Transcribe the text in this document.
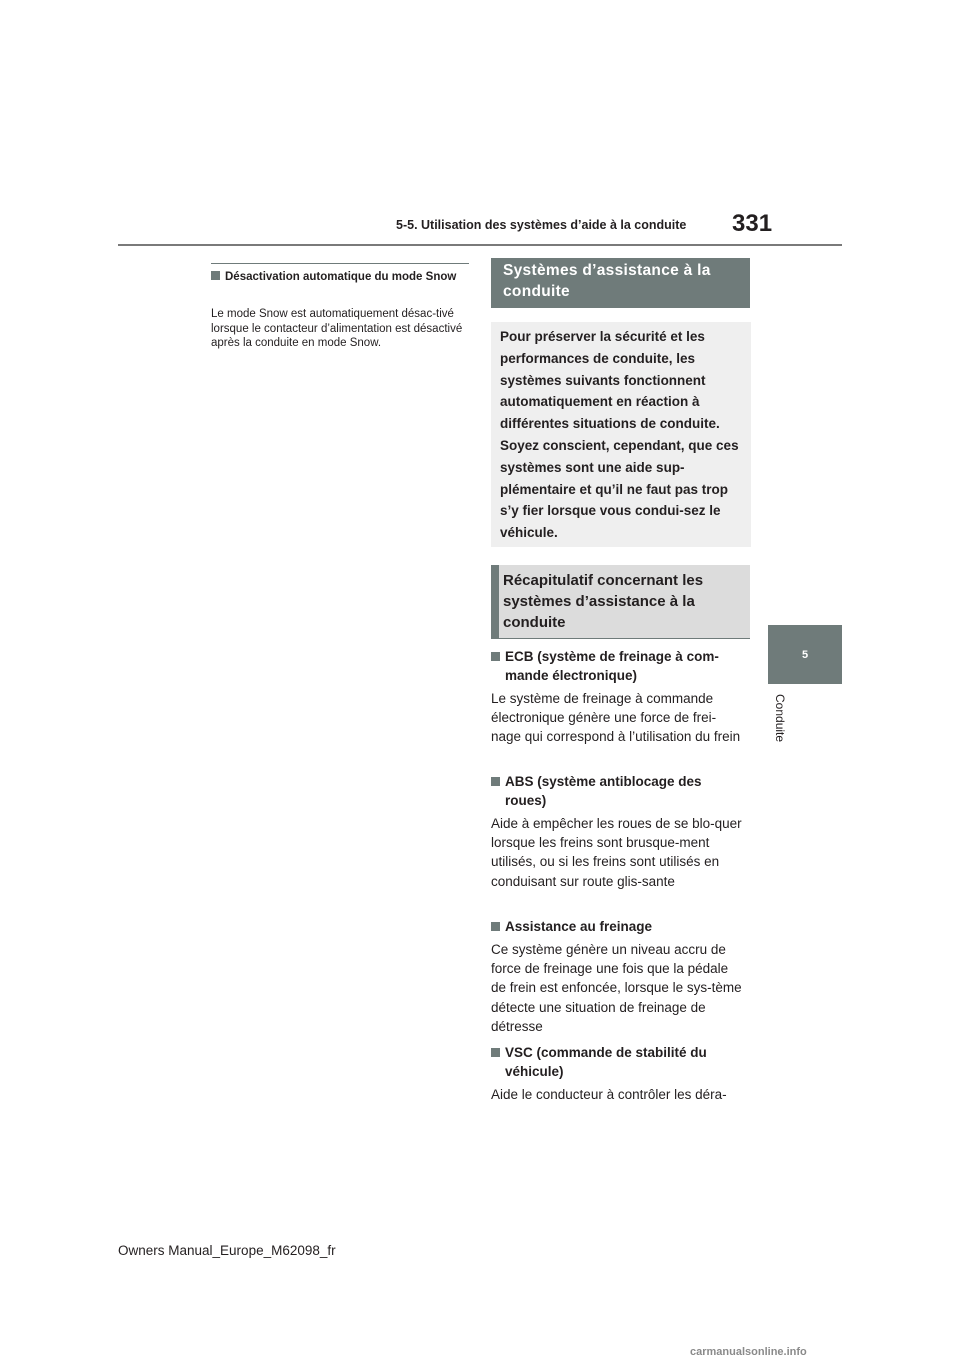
5-5. Utilisation des systèmes d’aide à la conduite 331
5
Conduite
Désactivation automatique du mode Snow
Le mode Snow est automatiquement désac-tivé lorsque le contacteur d’alimentation est désactivé après la conduite en mode Snow.
Systèmes d’assistance à la conduite
Pour préserver la sécurité et les performances de conduite, les systèmes suivants fonctionnent automatiquement en réaction à différentes situations de conduite. Soyez conscient, cependant, que ces systèmes sont une aide sup-plémentaire et qu’il ne faut pas trop s’y fier lorsque vous condui-sez le véhicule.
Récapitulatif concernant les systèmes d’assistance à la conduite
ECB (système de freinage à com-mande électronique)
Le système de freinage à commande électronique génère une force de frei-nage qui correspond à l’utilisation du frein
ABS (système antiblocage des roues)
Aide à empêcher les roues de se blo-quer lorsque les freins sont brusque-ment utilisés, ou si les freins sont utilisés en conduisant sur route glis-sante
Assistance au freinage
Ce système génère un niveau accru de force de freinage une fois que la pédale de frein est enfoncée, lorsque le sys-tème détecte une situation de freinage de détresse
VSC (commande de stabilité du véhicule)
Aide le conducteur à contrôler les déra-
Owners Manual_Europe_M62098_fr
carmanualsonline.info
